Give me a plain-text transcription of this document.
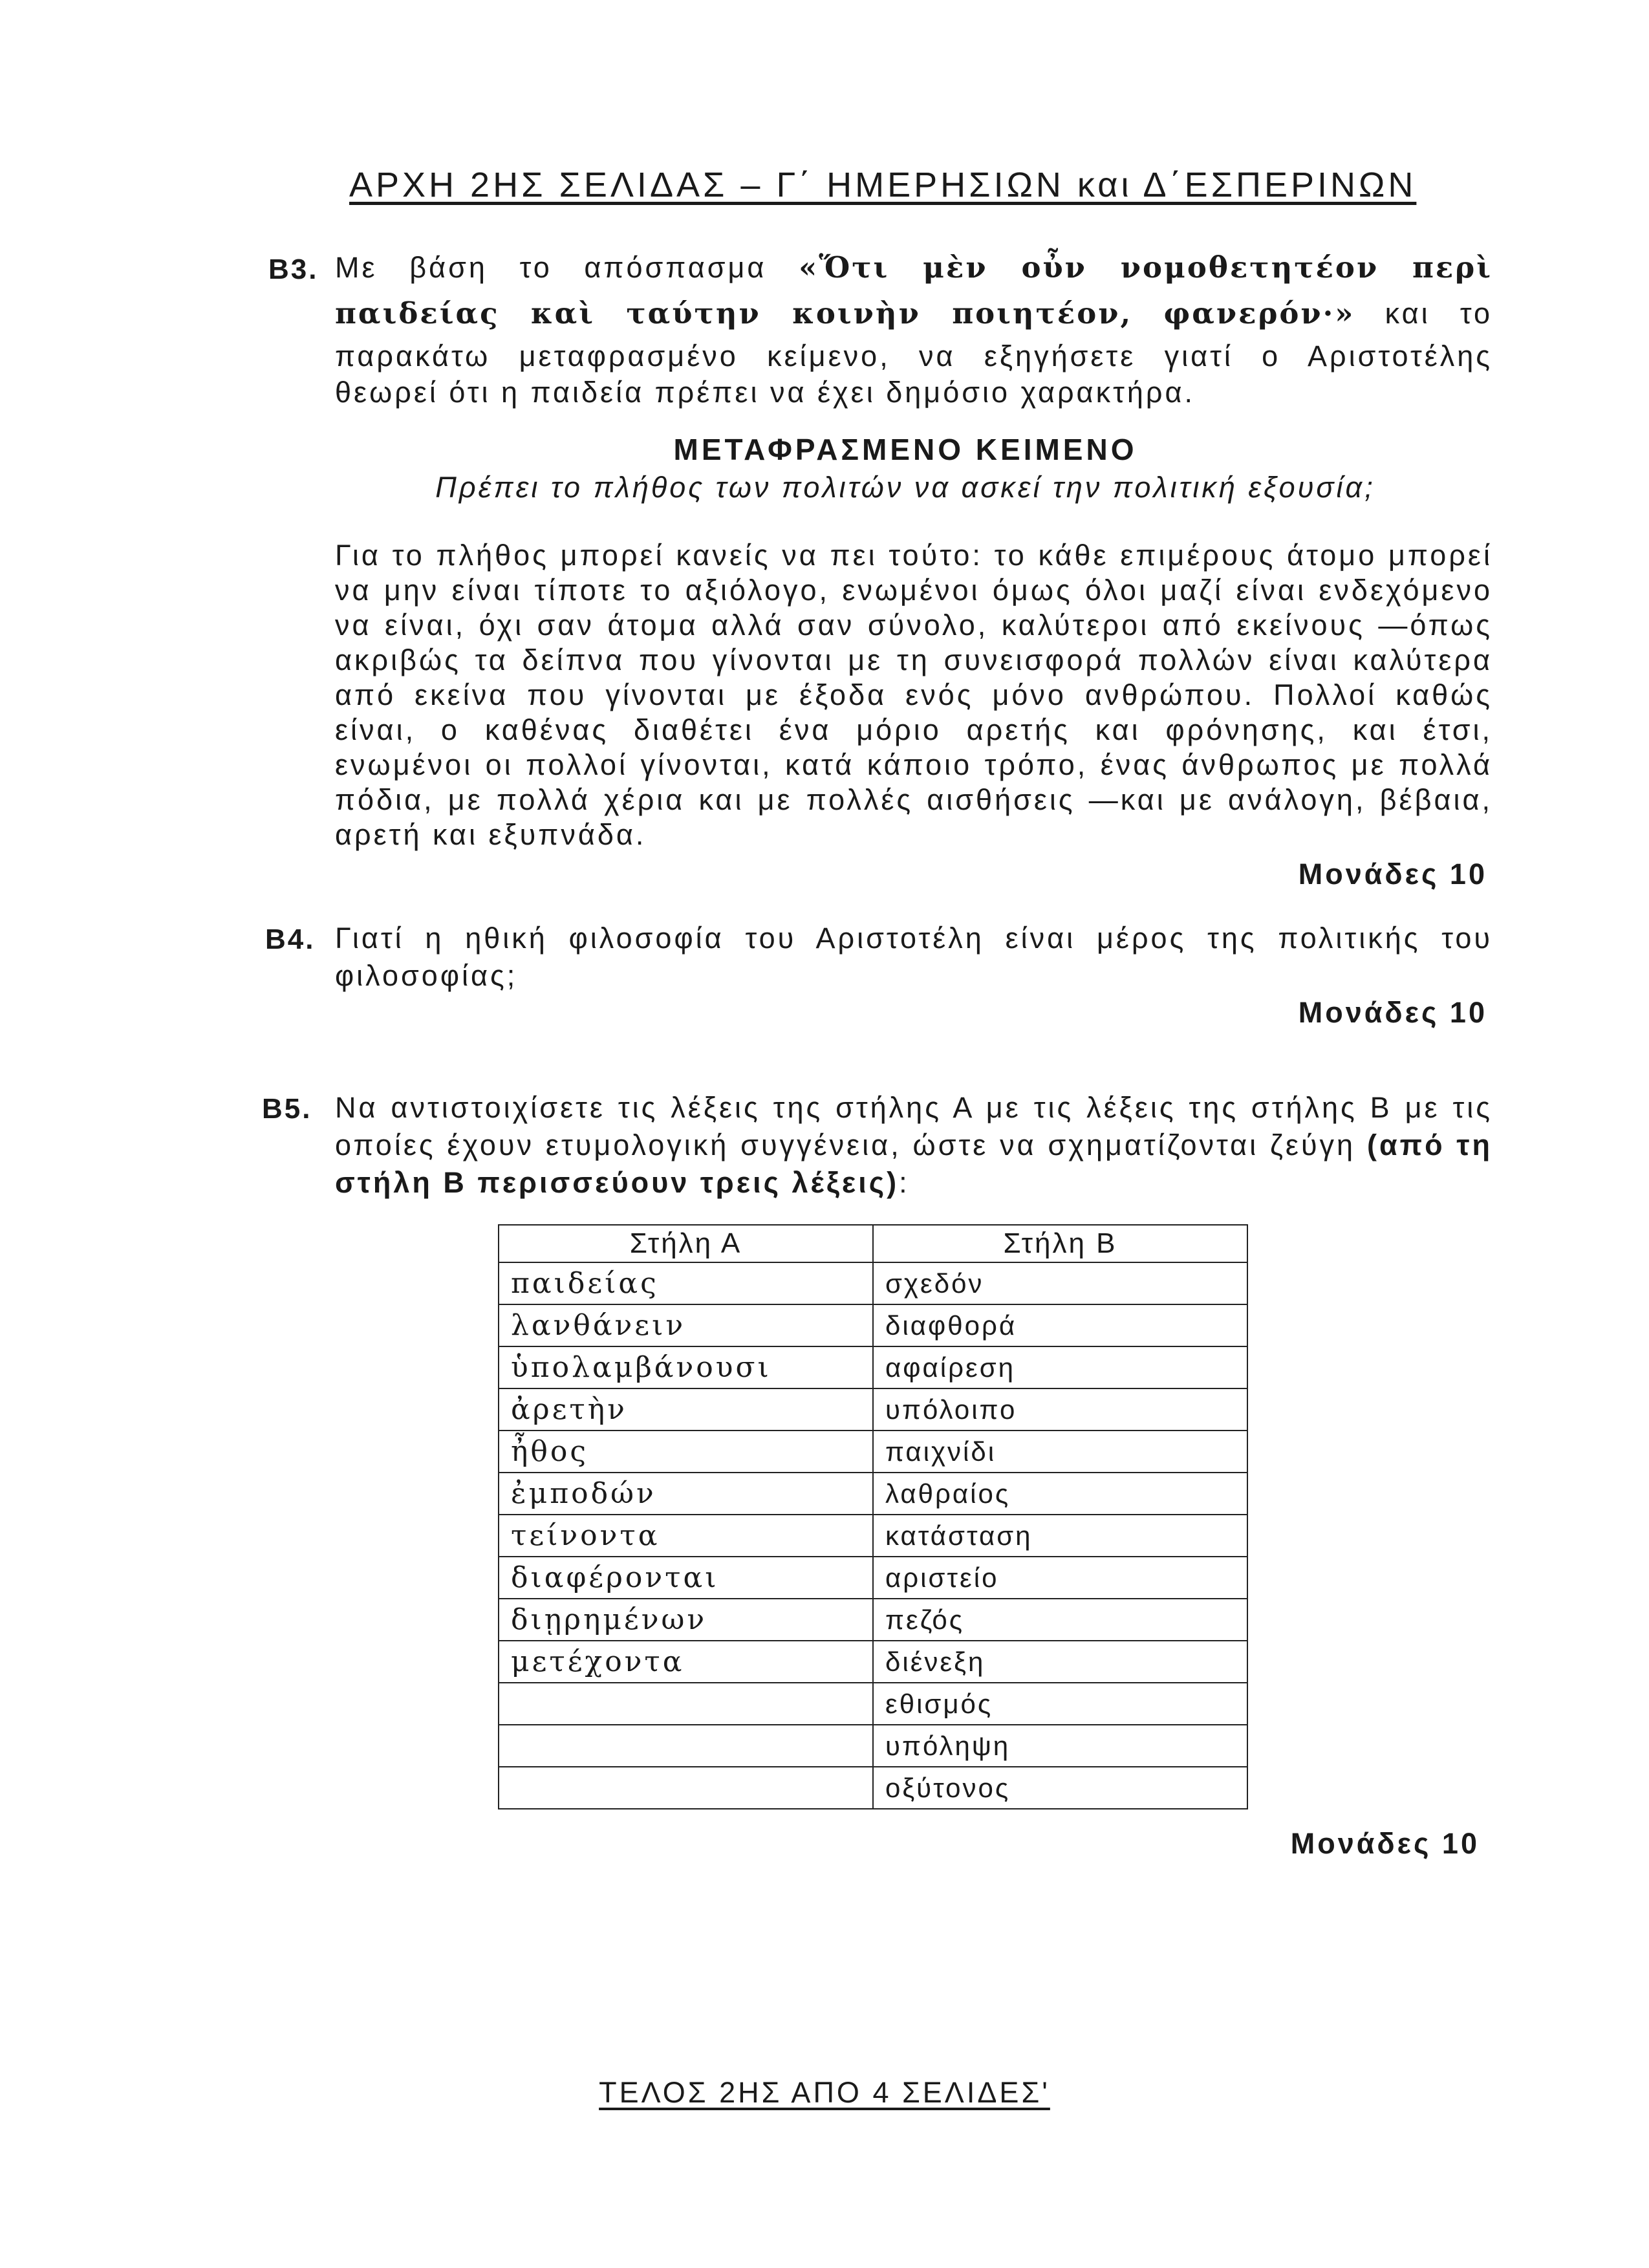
ΑΡΧΗ 2ΗΣ ΣΕΛΙΔΑΣ – Γ΄ ΗΜΕΡΗΣΙΩΝ και Δ΄ΕΣΠΕΡΙΝΩΝ
Β3. Με βάση το απόσπασμα «Ὅτι μὲν οὖν νομοθετητέον περὶ
παιδείας καὶ ταύτην κοινὴν ποιητέον, φανερόν·» και το
παρακάτω μεταφρασμένο κείμενο, να εξηγήσετε γιατί ο Αριστοτέλης
θεωρεί ότι η παιδεία πρέπει να έχει δημόσιο χαρακτήρα.
ΜΕΤΑΦΡΑΣΜΕΝΟ ΚΕΙΜΕΝΟ
Πρέπει το πλήθος των πολιτών να ασκεί την πολιτική εξουσία;

Για το πλήθος μπορεί κανείς να πει τούτο: το κάθε επιμέρους άτομο μπορεί να μην είναι τίποτε το αξιόλογο, ενωμένοι όμως όλοι μαζί είναι ενδεχόμενο να είναι, όχι σαν άτομα αλλά σαν σύνολο, καλύτεροι από εκείνους —όπως ακριβώς τα δείπνα που γίνονται με τη συνεισφορά πολλών είναι καλύτερα από εκείνα που γίνονται με έξοδα ενός μόνο ανθρώπου. Πολλοί καθώς είναι, ο καθένας διαθέτει ένα μόριο αρετής και φρόνησης, και έτσι, ενωμένοι οι πολλοί γίνονται, κατά κάποιο τρόπο, ένας άνθρωπος με πολλά πόδια, με πολλά χέρια και με πολλές αισθήσεις —και με ανάλογη, βέβαια, αρετή και εξυπνάδα.

Μονάδες 10
Β4. Γιατί η ηθική φιλοσοφία του Αριστοτέλη είναι μέρος της πολιτικής του φιλοσοφίας;

Μονάδες 10
Β5. Να αντιστοιχίσετε τις λέξεις της στήλης Α με τις λέξεις της στήλης Β με τις οποίες έχουν ετυμολογική συγγένεια, ώστε να σχηματίζονται ζεύγη (από τη στήλη Β περισσεύουν τρεις λέξεις):

Στήλη Α	Στήλη Β
παιδείας	σχεδόν
λανθάνειν	διαφθορά
ὑπολαμβάνουσι	αφαίρεση
ἀρετὴν	υπόλοιπο
ἦθος	παιχνίδι
ἐμποδών	λαθραίος
τείνοντα	κατάσταση
διαφέρονται	αριστείο
διῃρημένων	πεζός
μετέχοντα	διένεξη
	εθισμός
	υπόληψη
	οξύτονος
Μονάδες 10
ΤΕΛΟΣ 2ΗΣ ΑΠΟ 4 ΣΕΛΙΔΕΣ'
